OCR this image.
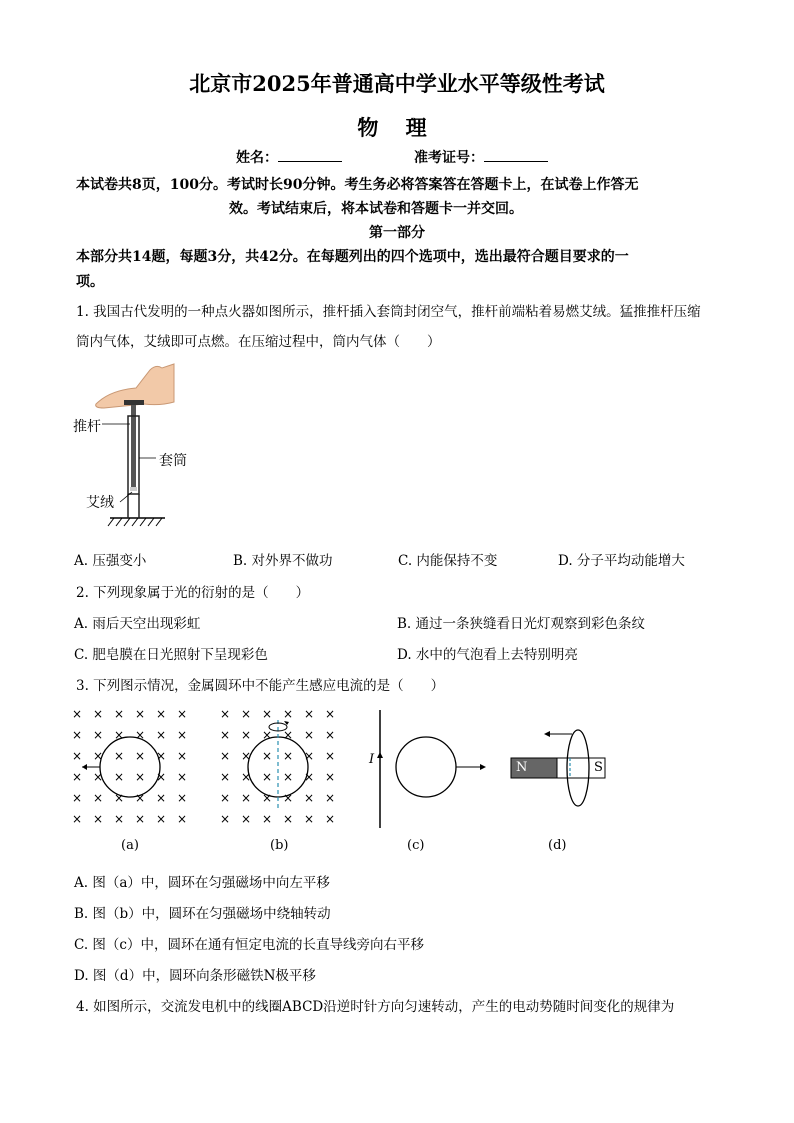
北京市2025年普通高中学业水平等级性考试
物 理
姓名：	准考证号：
本试卷共8页，100分。考试时长90分钟。考生务必将答案答在答题卡上，在试卷上作答无
效。考试结束后，将本试卷和答题卡一并交回。
第一部分
本部分共14题，每题3分，共42分。在每题列出的四个选项中，选出最符合题目要求的一
项。
1. 我国古代发明的一种点火器如图所示，推杆插入套筒封闭空气，推杆前端粘着易燃艾绒。猛推推杆压缩
筒内气体，艾绒即可点燃。在压缩过程中，筒内气体（　　）
推杆
套筒
艾绒
A. 压强变小	B. 对外界不做功	C. 内能保持不变	D. 分子平均动能增大
2. 下列现象属于光的衍射的是（　　）
A. 雨后天空出现彩虹	B. 通过一条狭缝看日光灯观察到彩色条纹
C. 肥皂膜在日光照射下呈现彩色	D. 水中的气泡看上去特别明亮
3. 下列图示情况，金属圆环中不能产生感应电流的是（　　）
× × × × × ×
× × × × × ×
× × × × × ×
× × × × × ×
× × × × × ×
× × × × × ×
× × × × × ×
× × × × × ×
× × × × × ×
× × × × × ×
× × × × × ×
× × × × × ×
I
N	S
(a)	(b)	(c)	(d)
A. 图（a）中，圆环在匀强磁场中向左平移
B. 图（b）中，圆环在匀强磁场中绕轴转动
C. 图（c）中，圆环在通有恒定电流的长直导线旁向右平移
D. 图（d）中，圆环向条形磁铁N极平移
4. 如图所示，交流发电机中的线圈ABCD沿逆时针方向匀速转动，产生的电动势随时间变化的规律为
